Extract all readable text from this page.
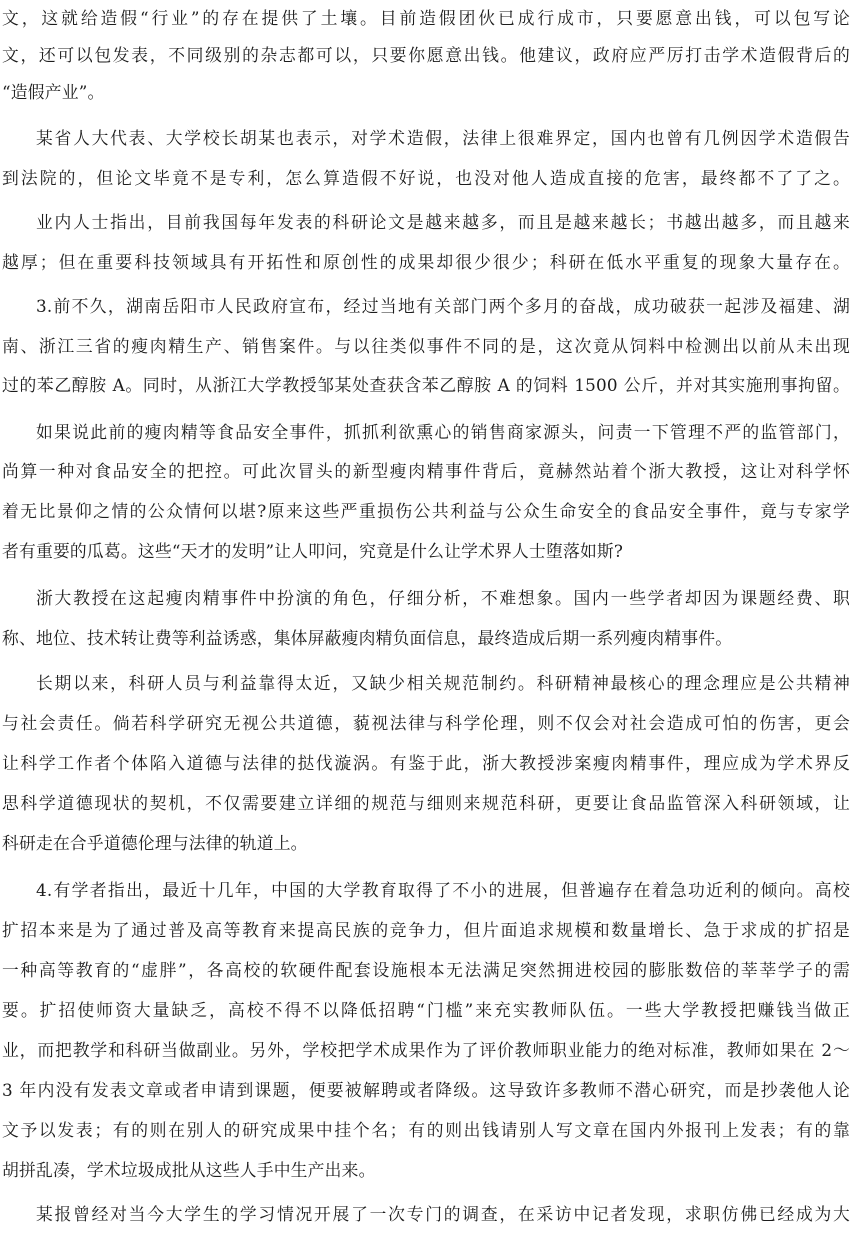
文，这就给造假“行业”的存在提供了土壤。目前造假团伙已成行成市，只要愿意出钱，可以包写论
文，还可以包发表，不同级别的杂志都可以，只要你愿意出钱。他建议，政府应严厉打击学术造假背后的
“造假产业”。
某省人大代表、大学校长胡某也表示，对学术造假，法律上很难界定，国内也曾有几例因学术造假告
到法院的，但论文毕竟不是专利，怎么算造假不好说，也没对他人造成直接的危害，最终都不了了之。
业内人士指出，目前我国每年发表的科研论文是越来越多，而且是越来越长；书越出越多，而且越来
越厚；但在重要科技领域具有开拓性和原创性的成果却很少很少；科研在低水平重复的现象大量存在。
3.前不久，湖南岳阳市人民政府宣布，经过当地有关部门两个多月的奋战，成功破获一起涉及福建、湖
南、浙江三省的瘦肉精生产、销售案件。与以往类似事件不同的是，这次竟从饲料中检测出以前从未出现
过的苯乙醇胺 A。同时，从浙江大学教授邹某处查获含苯乙醇胺 A 的饲料 1500 公斤，并对其实施刑事拘留。
如果说此前的瘦肉精等食品安全事件，抓抓利欲熏心的销售商家源头，问责一下管理不严的监管部门，
尚算一种对食品安全的把控。可此次冒头的新型瘦肉精事件背后，竟赫然站着个浙大教授，这让对科学怀
着无比景仰之情的公众情何以堪?原来这些严重损伤公共利益与公众生命安全的食品安全事件，竟与专家学
者有重要的瓜葛。这些“天才的发明”让人叩问，究竟是什么让学术界人士堕落如斯?
浙大教授在这起瘦肉精事件中扮演的角色，仔细分析，不难想象。国内一些学者却因为课题经费、职
称、地位、技术转让费等利益诱惑，集体屏蔽瘦肉精负面信息，最终造成后期一系列瘦肉精事件。
长期以来，科研人员与利益靠得太近，又缺少相关规范制约。科研精神最核心的理念理应是公共精神
与社会责任。倘若科学研究无视公共道德，藐视法律与科学伦理，则不仅会对社会造成可怕的伤害，更会
让科学工作者个体陷入道德与法律的挞伐漩涡。有鉴于此，浙大教授涉案瘦肉精事件，理应成为学术界反
思科学道德现状的契机，不仅需要建立详细的规范与细则来规范科研，更要让食品监管深入科研领域，让
科研走在合乎道德伦理与法律的轨道上。
4.有学者指出，最近十几年，中国的大学教育取得了不小的进展，但普遍存在着急功近利的倾向。高校
扩招本来是为了通过普及高等教育来提高民族的竞争力，但片面追求规模和数量增长、急于求成的扩招是
一种高等教育的“虚胖”，各高校的软硬件配套设施根本无法满足突然拥进校园的膨胀数倍的莘莘学子的需
要。扩招使师资大量缺乏，高校不得不以降低招聘“门槛”来充实教师队伍。一些大学教授把赚钱当做正
业，而把教学和科研当做副业。另外，学校把学术成果作为了评价教师职业能力的绝对标准，教师如果在 2～
3 年内没有发表文章或者申请到课题，便要被解聘或者降级。这导致许多教师不潜心研究，而是抄袭他人论
文予以发表；有的则在别人的研究成果中挂个名；有的则出钱请别人写文章在国内外报刊上发表；有的靠
胡拼乱凑，学术垃圾成批从这些人手中生产出来。
某报曾经对当今大学生的学习情况开展了一次专门的调查，在采访中记者发现，求职仿佛已经成为大
